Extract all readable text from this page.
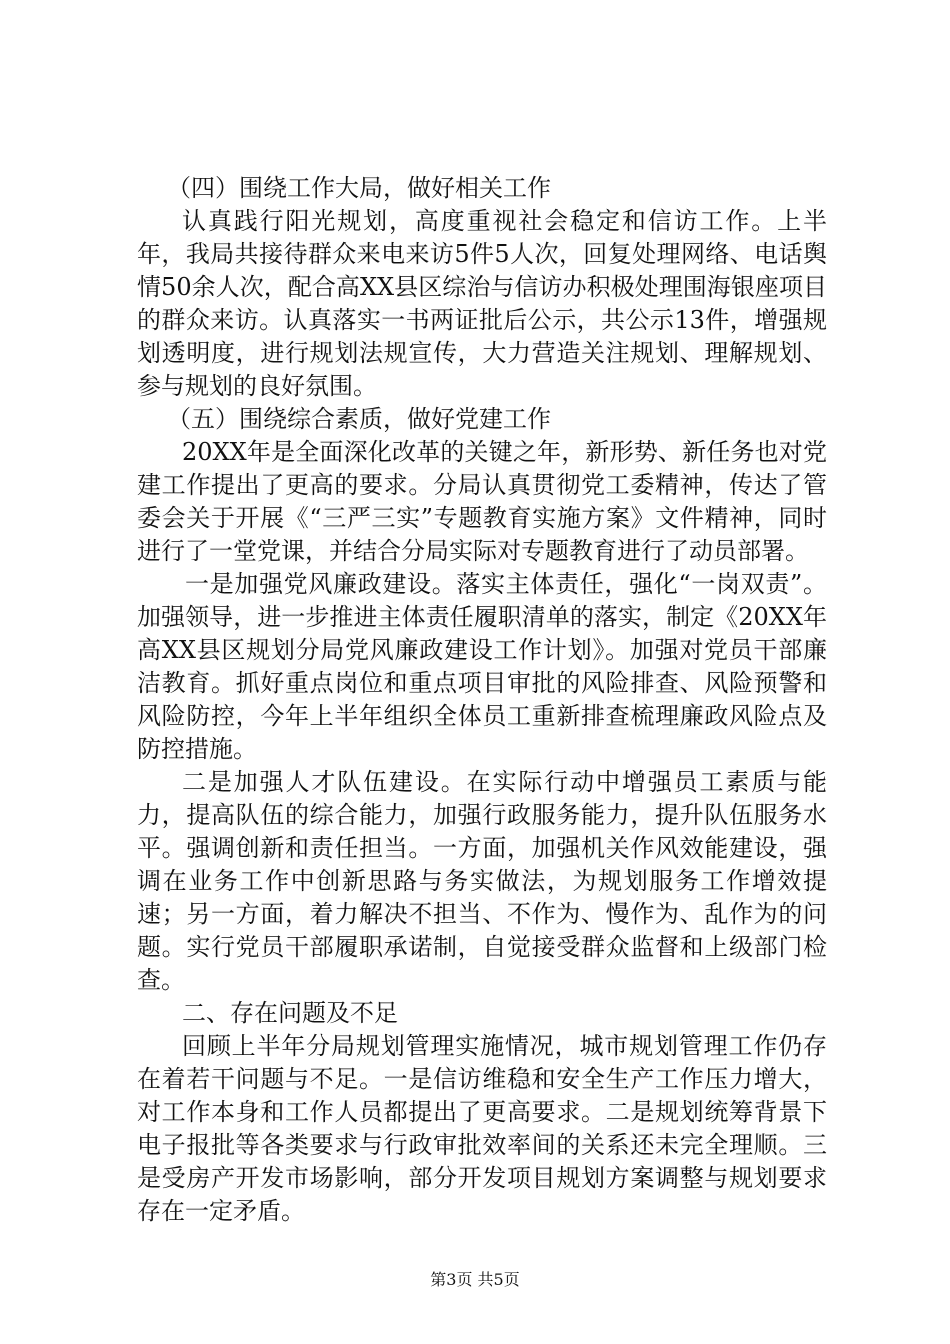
（四）围绕工作大局，做好相关工作

认真践行阳光规划，高度重视社会稳定和信访工作。上半年，我局共接待群众来电来访5件5人次，回复处理网络、电话舆情50余人次，配合高XX县区综治与信访办积极处理围海银座项目的群众来访。认真落实一书两证批后公示，共公示13件，增强规划透明度，进行规划法规宣传，大力营造关注规划、理解规划、参与规划的良好氛围。

（五）围绕综合素质，做好党建工作

20XX年是全面深化改革的关键之年，新形势、新任务也对党建工作提出了更高的要求。分局认真贯彻党工委精神，传达了管委会关于开展《“三严三实”专题教育实施方案》文件精神，同时进行了一堂党课，并结合分局实际对专题教育进行了动员部署。

一是加强党风廉政建设。落实主体责任，强化“一岗双责”。加强领导，进一步推进主体责任履职清单的落实，制定《20XX年高XX县区规划分局党风廉政建设工作计划》。加强对党员干部廉洁教育。抓好重点岗位和重点项目审批的风险排查、风险预警和风险防控，今年上半年组织全体员工重新排查梳理廉政风险点及防控措施。

二是加强人才队伍建设。在实际行动中增强员工素质与能力，提高队伍的综合能力，加强行政服务能力，提升队伍服务水平。强调创新和责任担当。一方面，加强机关作风效能建设，强调在业务工作中创新思路与务实做法，为规划服务工作增效提速；另一方面，着力解决不担当、不作为、慢作为、乱作为的问题。实行党员干部履职承诺制，自觉接受群众监督和上级部门检查。

二、存在问题及不足

回顾上半年分局规划管理实施情况，城市规划管理工作仍存在着若干问题与不足。一是信访维稳和安全生产工作压力增大，对工作本身和工作人员都提出了更高要求。二是规划统筹背景下电子报批等各类要求与行政审批效率间的关系还未完全理顺。三是受房产开发市场影响，部分开发项目规划方案调整与规划要求存在一定矛盾。

第3页 共5页
